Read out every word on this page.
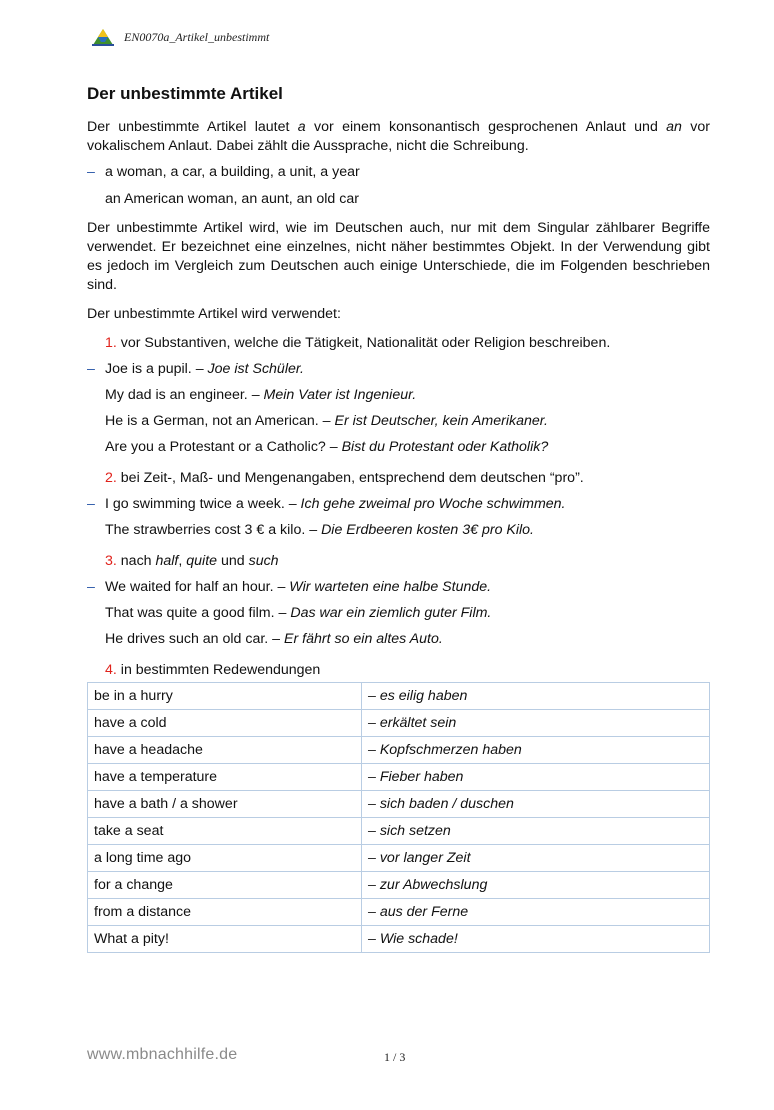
EN0070a_Artikel_unbestimmt
Der unbestimmte Artikel

Der unbestimmte Artikel lautet a vor einem konsonantisch gesprochenen Anlaut und an vor vokalischem Anlaut. Dabei zählt die Aussprache, nicht die Schreibung.

– a woman, a car, a building, a unit, a year
an American woman, an aunt, an old car

Der unbestimmte Artikel wird, wie im Deutschen auch, nur mit dem Singular zählbarer Begriffe verwendet. Er bezeichnet eine einzelnes, nicht näher bestimmtes Objekt. In der Verwendung gibt es jedoch im Vergleich zum Deutschen auch einige Unterschiede, die im Folgenden beschrieben sind.

Der unbestimmte Artikel wird verwendet:

1. vor Substantiven, welche die Tätigkeit, Nationalität oder Religion beschreiben.
– Joe is a pupil. – Joe ist Schüler.
My dad is an engineer. – Mein Vater ist Ingenieur.
He is a German, not an American. – Er ist Deutscher, kein Amerikaner.
Are you a Protestant or a Catholic? – Bist du Protestant oder Katholik?
2. bei Zeit-, Maß- und Mengenangaben, entsprechend dem deutschen “pro”.
– I go swimming twice a week. – Ich gehe zweimal pro Woche schwimmen.
The strawberries cost 3 € a kilo. – Die Erdbeeren kosten 3€ pro Kilo.
3. nach half, quite und such
– We waited for half an hour. – Wir warteten eine halbe Stunde.
That was quite a good film. – Das war ein ziemlich guter Film.
He drives such an old car. – Er fährt so ein altes Auto.
4. in bestimmten Redewendungen
be in a hurry	– es eilig haben
have a cold	– erkältet sein
have a headache	– Kopfschmerzen haben
have a temperature	– Fieber haben
have a bath / a shower	– sich baden / duschen
take a seat	– sich setzen
a long time ago	– vor langer Zeit
for a change	– zur Abwechslung
from a distance	– aus der Ferne
What a pity!	– Wie schade!
www.mbnachhilfe.de	1 / 3
